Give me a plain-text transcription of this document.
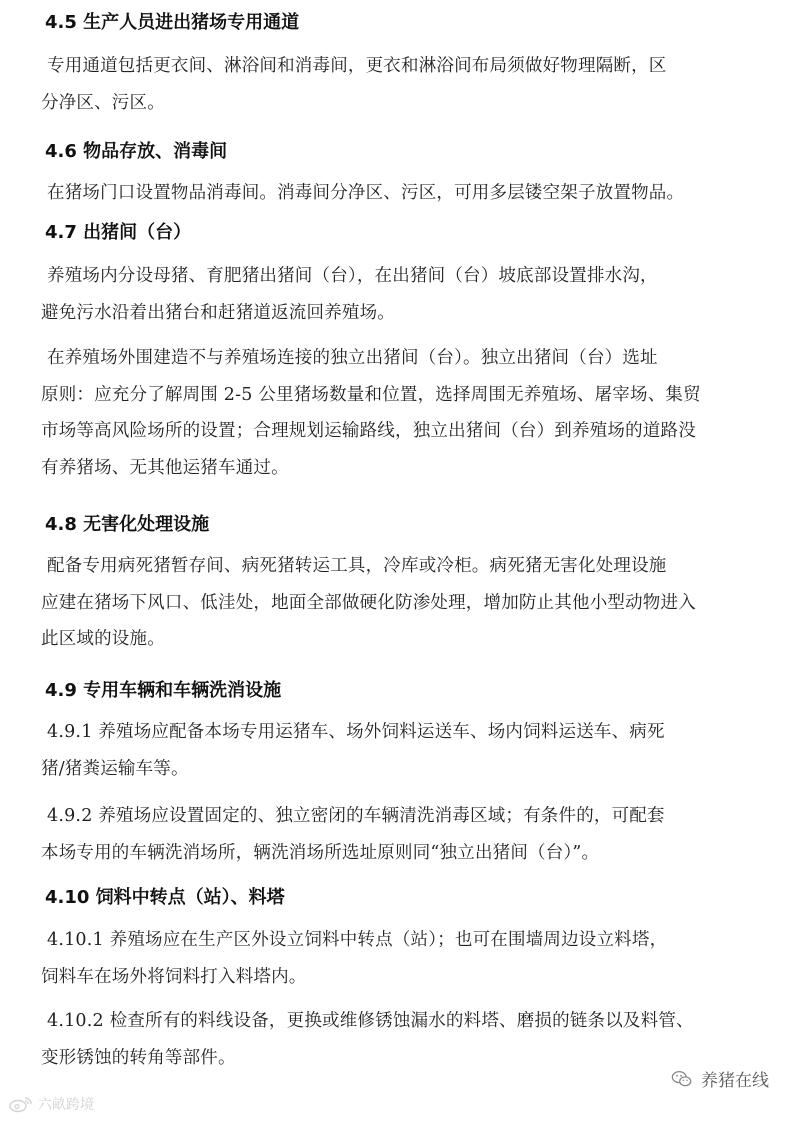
4.5 生产人员进出猪场专用通道
专用通道包括更衣间、淋浴间和消毒间，更衣和淋浴间布局须做好物理隔断，区
分净区、污区。
4.6 物品存放、消毒间
在猪场门口设置物品消毒间。消毒间分净区、污区，可用多层镂空架子放置物品。
4.7 出猪间（台）
养殖场内分设母猪、育肥猪出猪间（台），在出猪间（台）坡底部设置排水沟，
避免污水沿着出猪台和赶猪道返流回养殖场。
在养殖场外围建造不与养殖场连接的独立出猪间（台）。独立出猪间（台）选址
原则：应充分了解周围 2-5 公里猪场数量和位置，选择周围无养殖场、屠宰场、集贸
市场等高风险场所的设置；合理规划运输路线，独立出猪间（台）到养殖场的道路没
有养猪场、无其他运猪车通过。
4.8 无害化处理设施
配备专用病死猪暂存间、病死猪转运工具，冷库或冷柜。病死猪无害化处理设施
应建在猪场下风口、低洼处，地面全部做硬化防渗处理，增加防止其他小型动物进入
此区域的设施。
4.9 专用车辆和车辆洗消设施
4.9.1 养殖场应配备本场专用运猪车、场外饲料运送车、场内饲料运送车、病死
猪/猪粪运输车等。
4.9.2 养殖场应设置固定的、独立密闭的车辆清洗消毒区域；有条件的，可配套
本场专用的车辆洗消场所，辆洗消场所选址原则同“独立出猪间（台）”。
4.10 饲料中转点（站）、料塔
4.10.1 养殖场应在生产区外设立饲料中转点（站）；也可在围墙周边设立料塔，
饲料车在场外将饲料打入料塔内。
4.10.2 检查所有的料线设备，更换或维修锈蚀漏水的料塔、磨损的链条以及料管、
变形锈蚀的转角等部件。
养猪在线
六畝跨境
